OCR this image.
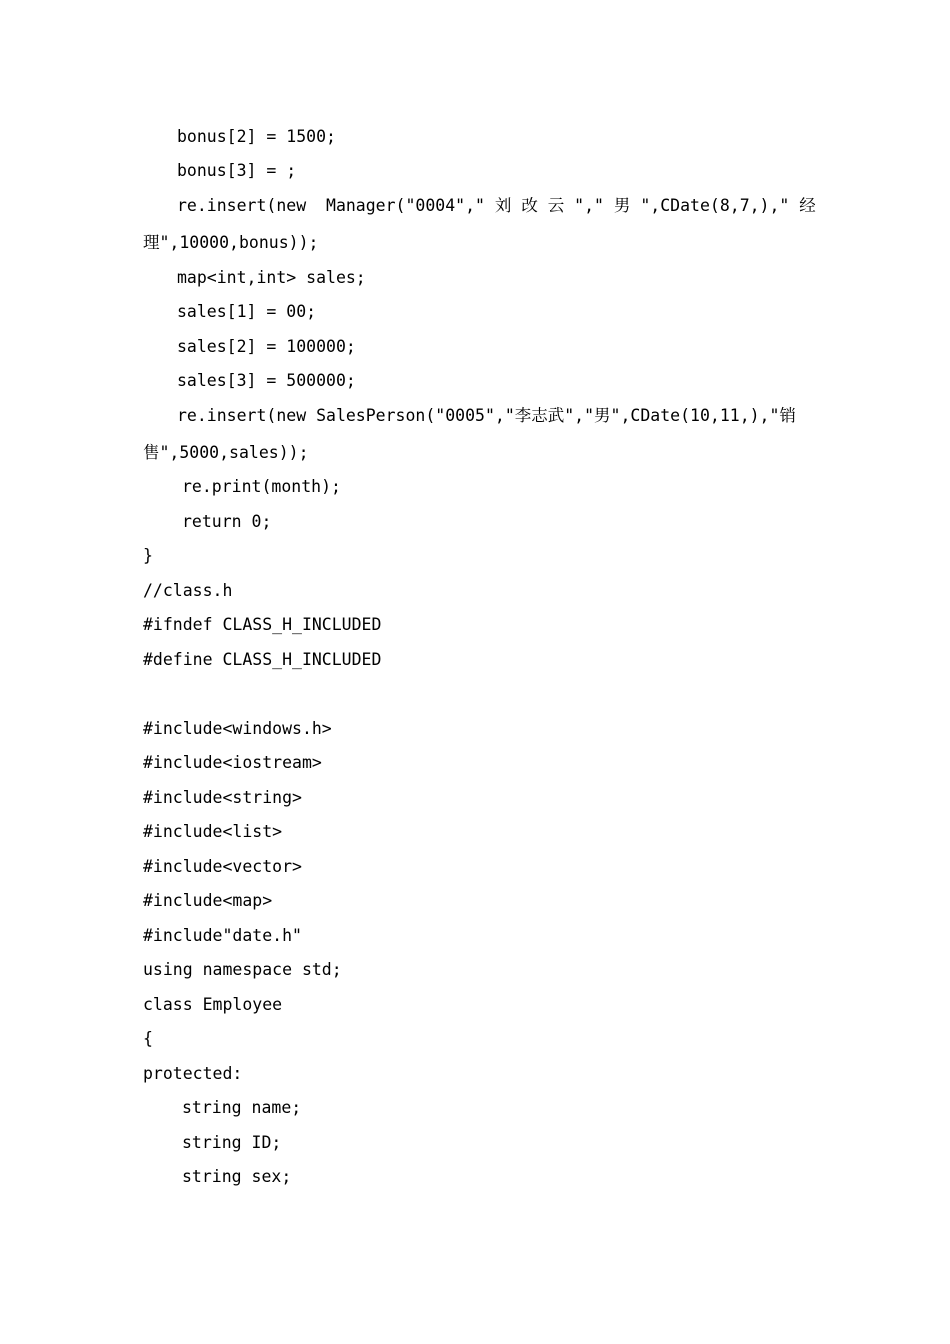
bonus[2] = 1500;
bonus[3] = ;
re.insert(new  Manager("0004"," 刘 改 云 "," 男 ",CDate(8,7,)," 经
理",10000,bonus));
map<int,int> sales;
sales[1] = 00;
sales[2] = 100000;
sales[3] = 500000;
re.insert(new SalesPerson("0005","李志武","男",CDate(10,11,),"销
售",5000,sales));
re.print(month);
return 0;
}
//class.h
#ifndef CLASS_H_INCLUDED
#define CLASS_H_INCLUDED
#include<windows.h>
#include<iostream>
#include<string>
#include<list>
#include<vector>
#include<map>
#include"date.h"
using namespace std;
class Employee
{
protected:
string name;
string ID;
string sex;
